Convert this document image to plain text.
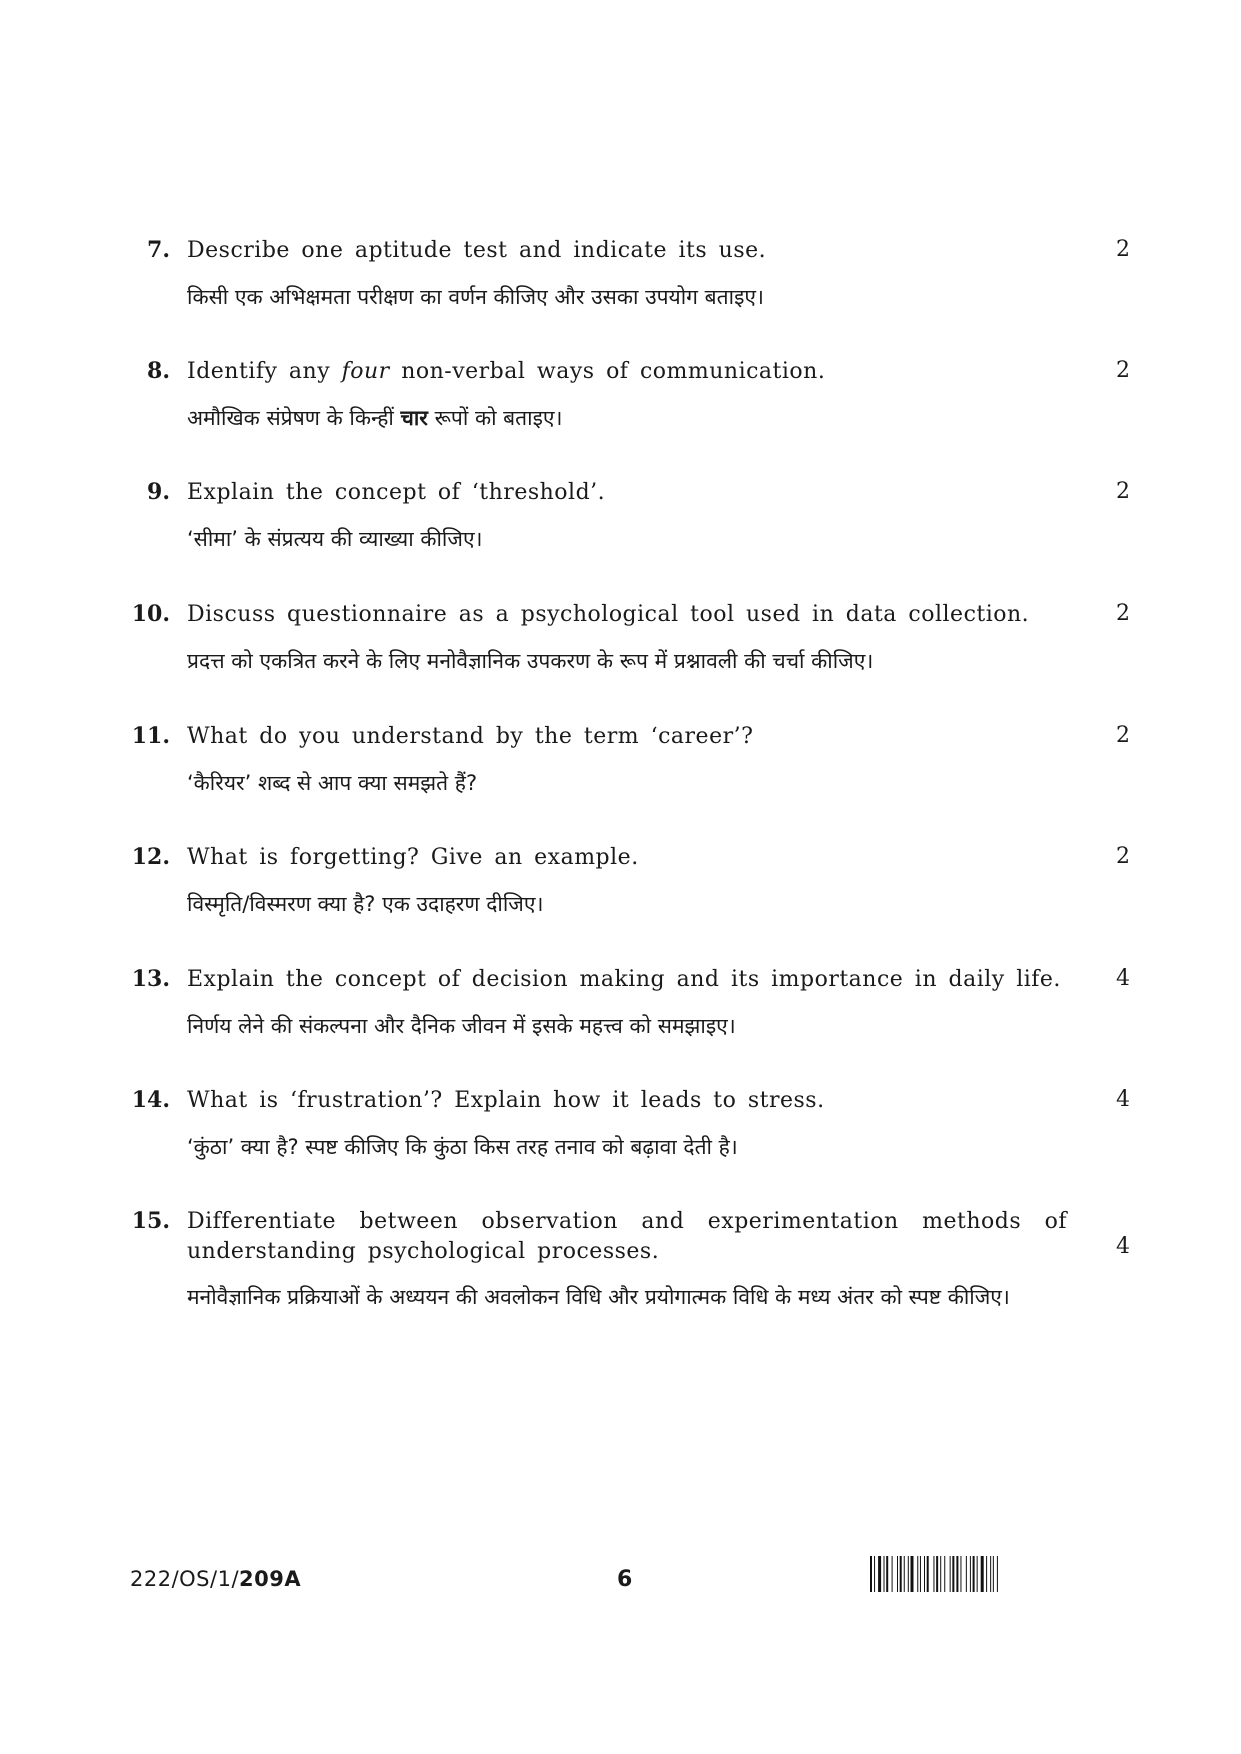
7. Describe one aptitude test and indicate its use.
किसी एक अभिक्षमता परीक्षण का वर्णन कीजिए और उसका उपयोग बताइए।
2
8. Identify any four non-verbal ways of communication.
अमौखिक संप्रेषण के किन्हीं चार रूपों को बताइए।
2
9. Explain the concept of ‘threshold’.
‘सीमा’ के संप्रत्यय की व्याख्या कीजिए।
2
10. Discuss questionnaire as a psychological tool used in data collection.
प्रदत्त को एकत्रित करने के लिए मनोवैज्ञानिक उपकरण के रूप में प्रश्नावली की चर्चा कीजिए।
2
11. What do you understand by the term ‘career’?
‘कैरियर’ शब्द से आप क्या समझते हैं?
2
12. What is forgetting? Give an example.
विस्मृति/विस्मरण क्या है? एक उदाहरण दीजिए।
2
13. Explain the concept of decision making and its importance in daily life.
निर्णय लेने की संकल्पना और दैनिक जीवन में इसके महत्त्व को समझाइए।
4
14. What is ‘frustration’? Explain how it leads to stress.
‘कुंठा’ क्या है? स्पष्ट कीजिए कि कुंठा किस तरह तनाव को बढ़ावा देती है।
4
15. Differentiate between observation and experimentation methods of understanding psychological processes.
मनोवैज्ञानिक प्रक्रियाओं के अध्ययन की अवलोकन विधि और प्रयोगात्मक विधि के मध्य अंतर को स्पष्ट कीजिए।
4
222/OS/1/209A	6
